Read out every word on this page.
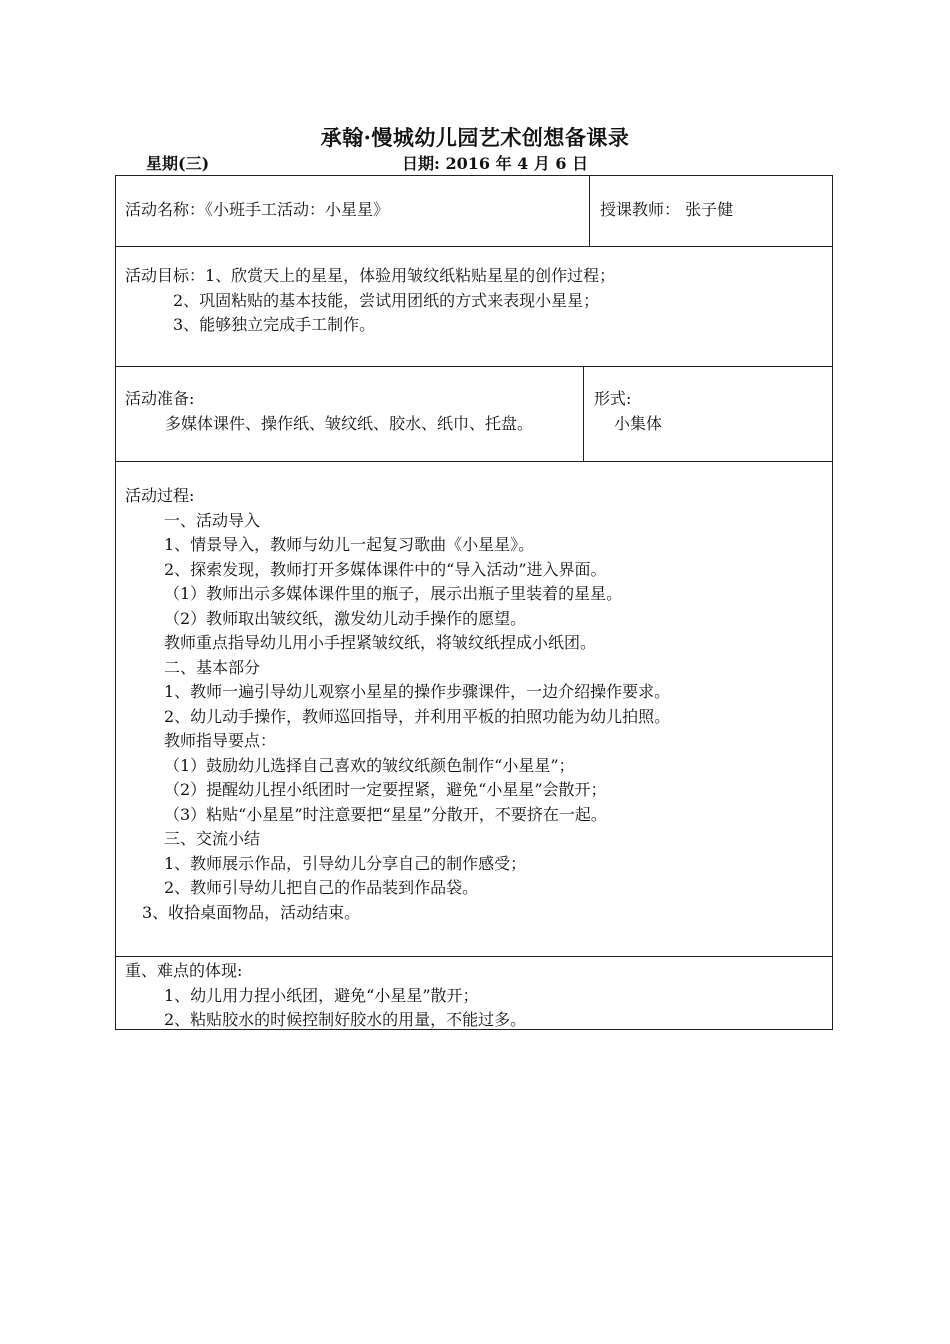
承翰·慢城幼儿园艺术创想备课录
星期(三)	日期: 2016 年 4 月 6 日
活动名称：《小班手工活动：小星星》	授课教师： 张子健
活动目标：1、欣赏天上的星星，体验用皱纹纸粘贴星星的创作过程；
2、巩固粘贴的基本技能，尝试用团纸的方式来表现小星星；
3、能够独立完成手工制作。
活动准备:
多媒体课件、操作纸、皱纹纸、胶水、纸巾、托盘。
形式:
小集体
活动过程:
一、活动导入
1、情景导入，教师与幼儿一起复习歌曲《小星星》。
2、探索发现，教师打开多媒体课件中的“导入活动”进入界面。
（1）教师出示多媒体课件里的瓶子，展示出瓶子里装着的星星。
（2）教师取出皱纹纸，激发幼儿动手操作的愿望。
教师重点指导幼儿用小手捏紧皱纹纸，将皱纹纸捏成小纸团。
二、基本部分
1、教师一遍引导幼儿观察小星星的操作步骤课件，一边介绍操作要求。
2、幼儿动手操作，教师巡回指导，并利用平板的拍照功能为幼儿拍照。
教师指导要点：
（1）鼓励幼儿选择自己喜欢的皱纹纸颜色制作“小星星”；
（2）提醒幼儿捏小纸团时一定要捏紧，避免“小星星”会散开；
（3）粘贴“小星星”时注意要把“星星”分散开，不要挤在一起。
三、交流小结
1、教师展示作品，引导幼儿分享自己的制作感受；
2、教师引导幼儿把自己的作品装到作品袋。
3、收拾桌面物品，活动结束。
重、难点的体现:
1、幼儿用力捏小纸团，避免“小星星”散开；
2、粘贴胶水的时候控制好胶水的用量，不能过多。
